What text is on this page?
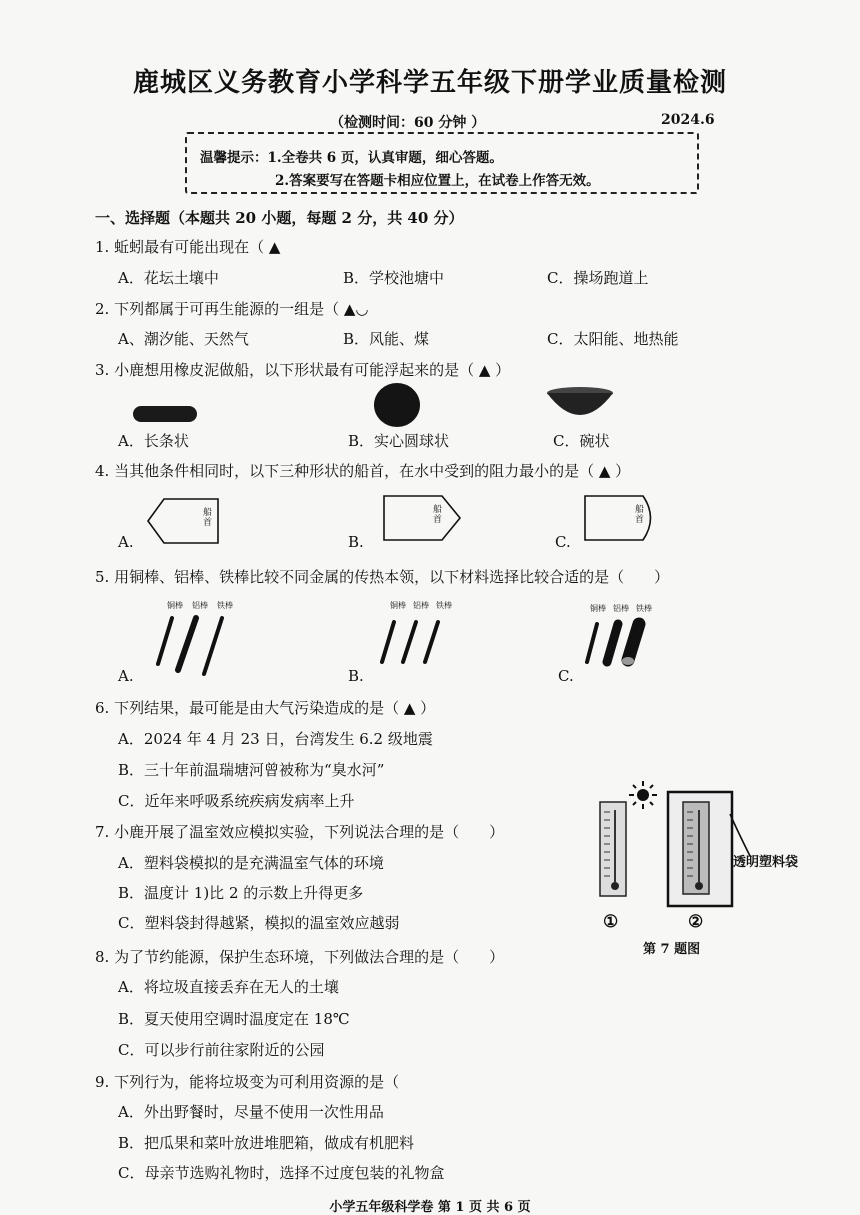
鹿城区义务教育小学科学五年级下册学业质量检测
（检测时间：60 分钟 ）	2024.6
温馨提示：1.全卷共 6 页，认真审题，细心答题。
2.答案要写在答题卡相应位置上，在试卷上作答无效。
一、选择题（本题共 20 小题，每题 2 分，共 40 分）
1. 蚯蚓最有可能出现在（ ▲
A．花坛土壤中	B．学校池塘中	C．操场跑道上
2. 下列都属于可再生能源的一组是（ ▲◡
A、潮汐能、天然气	B．风能、煤	C．太阳能、地热能
3. 小鹿想用橡皮泥做船，以下形状最有可能浮起来的是（ ▲ ）
A．长条状	B．实心圆球状	C．碗状
4. 当其他条件相同时，以下三种形状的船首，在水中受到的阻力最小的是（ ▲ ）
船首
船首
船首
A.	B.	C.
5. 用铜棒、铝棒、铁棒比较不同金属的传热本领，以下材料选择比较合适的是（　　）
铜棒 铝棒 铁棒	铜棒 铝棒 铁棒	铜棒 铝棒 铁棒
A.	B.	C.
6. 下列结果，最可能是由大气污染造成的是（ ▲ ）
A．2024 年 4 月 23 日，台湾发生 6.2 级地震
B．三十年前温瑞塘河曾被称为“臭水河”
C．近年来呼吸系统疾病发病率上升
7. 小鹿开展了温室效应模拟实验，下列说法合理的是（　　）
A．塑料袋模拟的是充满温室气体的环境
B．温度计 1)比 2 的示数上升得更多
C．塑料袋封得越紧，模拟的温室效应越弱
透明塑料袋
①	②
第 7 题图
8. 为了节约能源，保护生态环境，下列做法合理的是（　　）
A．将垃圾直接丢弃在无人的土壤
B．夏天使用空调时温度定在 18℃
C．可以步行前往家附近的公园
9. 下列行为，能将垃圾变为可利用资源的是（
A．外出野餐时，尽量不使用一次性用品
B．把瓜果和菜叶放进堆肥箱，做成有机肥料
C．母亲节选购礼物时，选择不过度包装的礼物盒
小学五年级科学卷 第 1 页 共 6 页
